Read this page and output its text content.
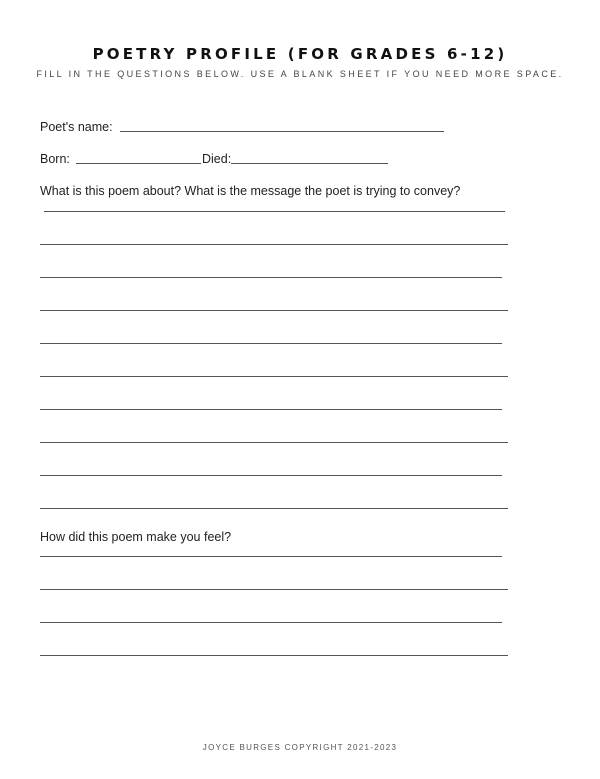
POETRY PROFILE (FOR GRADES 6-12)
FILL IN THE QUESTIONS BELOW. USE A BLANK SHEET IF YOU NEED MORE SPACE.
Poet's name:
Born:	Died:
What is this poem about? What is the message the poet is trying to convey?
How did this poem make you feel?
JOYCE BURGES COPYRIGHT 2021-2023
